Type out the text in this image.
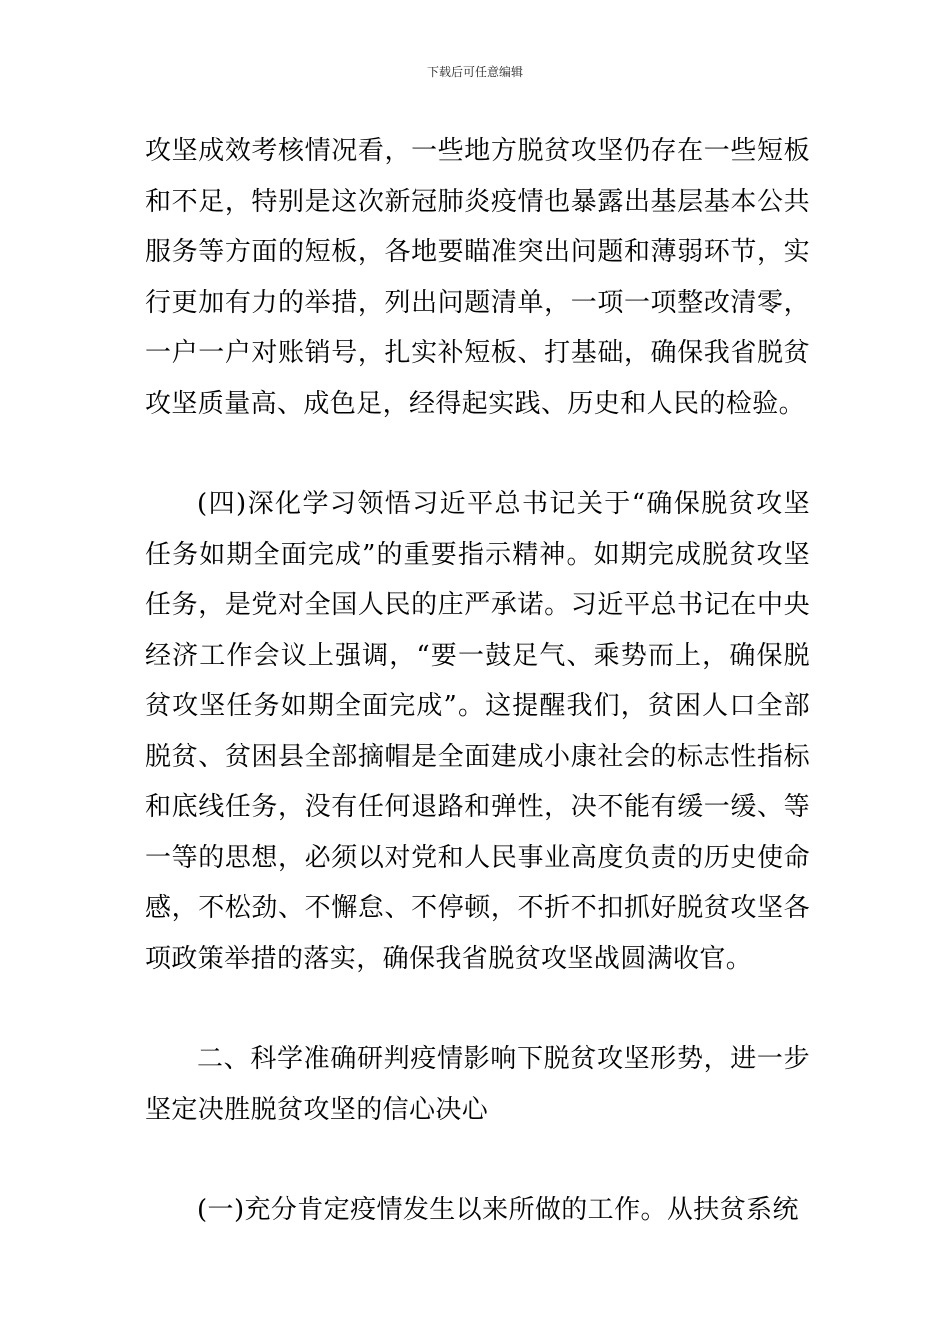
下载后可任意编辑

攻坚成效考核情况看，一些地方脱贫攻坚仍存在一些短板和不足，特别是这次新冠肺炎疫情也暴露出基层基本公共服务等方面的短板，各地要瞄准突出问题和薄弱环节，实行更加有力的举措，列出问题清单，一项一项整改清零，一户一户对账销号，扎实补短板、打基础，确保我省脱贫攻坚质量高、成色足，经得起实践、历史和人民的检验。

(四)深化学习领悟习近平总书记关于“确保脱贫攻坚任务如期全面完成”的重要指示精神。如期完成脱贫攻坚任务，是党对全国人民的庄严承诺。习近平总书记在中央经济工作会议上强调，“要一鼓足气、乘势而上，确保脱贫攻坚任务如期全面完成”。这提醒我们，贫困人口全部脱贫、贫困县全部摘帽是全面建成小康社会的标志性指标和底线任务，没有任何退路和弹性，决不能有缓一缓、等一等的思想，必须以对党和人民事业高度负责的历史使命感，不松劲、不懈怠、不停顿，不折不扣抓好脱贫攻坚各项政策举措的落实，确保我省脱贫攻坚战圆满收官。

二、科学准确研判疫情影响下脱贫攻坚形势，进一步坚定决胜脱贫攻坚的信心决心

(一)充分肯定疫情发生以来所做的工作。从扶贫系统
